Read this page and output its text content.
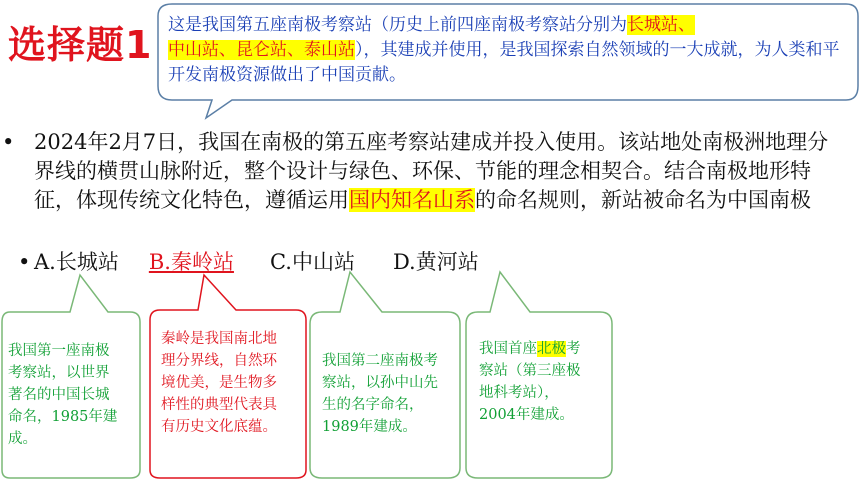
选择题1 这是我国第五座南极考察站（历史上前四座南极考察站分别为长城站、
中山站、昆仑站、泰山站），其建成并使用，是我国探索自然领域的一大成就，为人类和平开发南极资源做出了中国贡献。
• 2024年2月7日，我国在南极的第五座考察站建成并投入使用。该站地处南极洲地理分界线的横贯山脉附近，整个设计与绿色、环保、节能的理念相契合。结合南极地形特征，体现传统文化特色，遵循运用国内知名山系的命名规则，新站被命名为中国南极
• A.长城站 B.秦岭站 C.中山站 D.黄河站
我国第一座南极考察站，以世界著名的中国长城命名，1985年建成。
秦岭是我国南北地理分界线，自然环境优美，是生物多样性的典型代表具有历史文化底蕴。
我国第二座南极考察站，以孙中山先生的名字命名，1989年建成。
我国首座北极考察站（第三座极地科考站），2004年建成。
